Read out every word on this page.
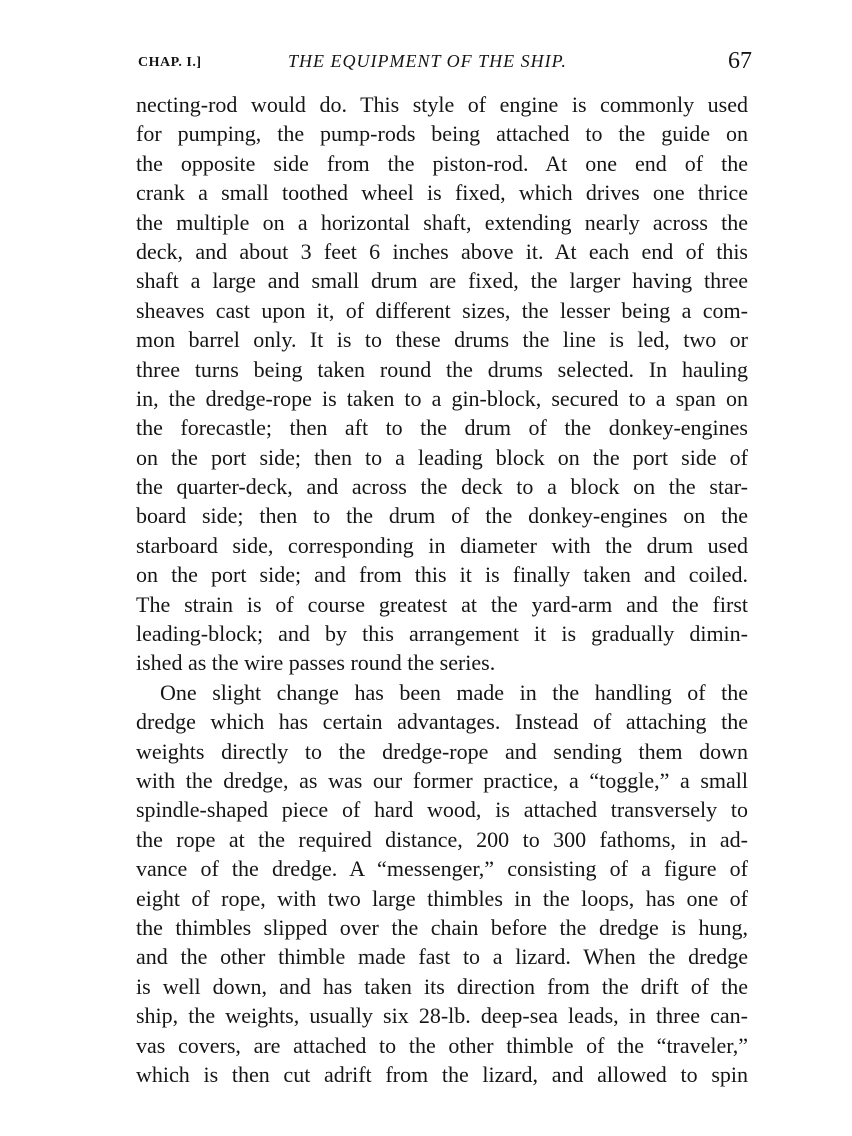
CHAP. I.]	THE EQUIPMENT OF THE SHIP.	67
necting-rod would do. This style of engine is commonly used
for pumping, the pump-rods being attached to the guide on
the opposite side from the piston-rod. At one end of the
crank a small toothed wheel is fixed, which drives one thrice
the multiple on a horizontal shaft, extending nearly across the
deck, and about 3 feet 6 inches above it. At each end of this
shaft a large and small drum are fixed, the larger having three
sheaves cast upon it, of different sizes, the lesser being a com-
mon barrel only. It is to these drums the line is led, two or
three turns being taken round the drums selected. In hauling
in, the dredge-rope is taken to a gin-block, secured to a span on
the forecastle; then aft to the drum of the donkey-engines
on the port side; then to a leading block on the port side of
the quarter-deck, and across the deck to a block on the star-
board side; then to the drum of the donkey-engines on the
starboard side, corresponding in diameter with the drum used
on the port side; and from this it is finally taken and coiled.
The strain is of course greatest at the yard-arm and the first
leading-block; and by this arrangement it is gradually dimin-
ished as the wire passes round the series.
One slight change has been made in the handling of the
dredge which has certain advantages. Instead of attaching the
weights directly to the dredge-rope and sending them down
with the dredge, as was our former practice, a “toggle,” a small
spindle-shaped piece of hard wood, is attached transversely to
the rope at the required distance, 200 to 300 fathoms, in ad-
vance of the dredge. A “messenger,” consisting of a figure of
eight of rope, with two large thimbles in the loops, has one of
the thimbles slipped over the chain before the dredge is hung,
and the other thimble made fast to a lizard. When the dredge
is well down, and has taken its direction from the drift of the
ship, the weights, usually six 28-lb. deep-sea leads, in three can-
vas covers, are attached to the other thimble of the “traveler,”
which is then cut adrift from the lizard, and allowed to spin
